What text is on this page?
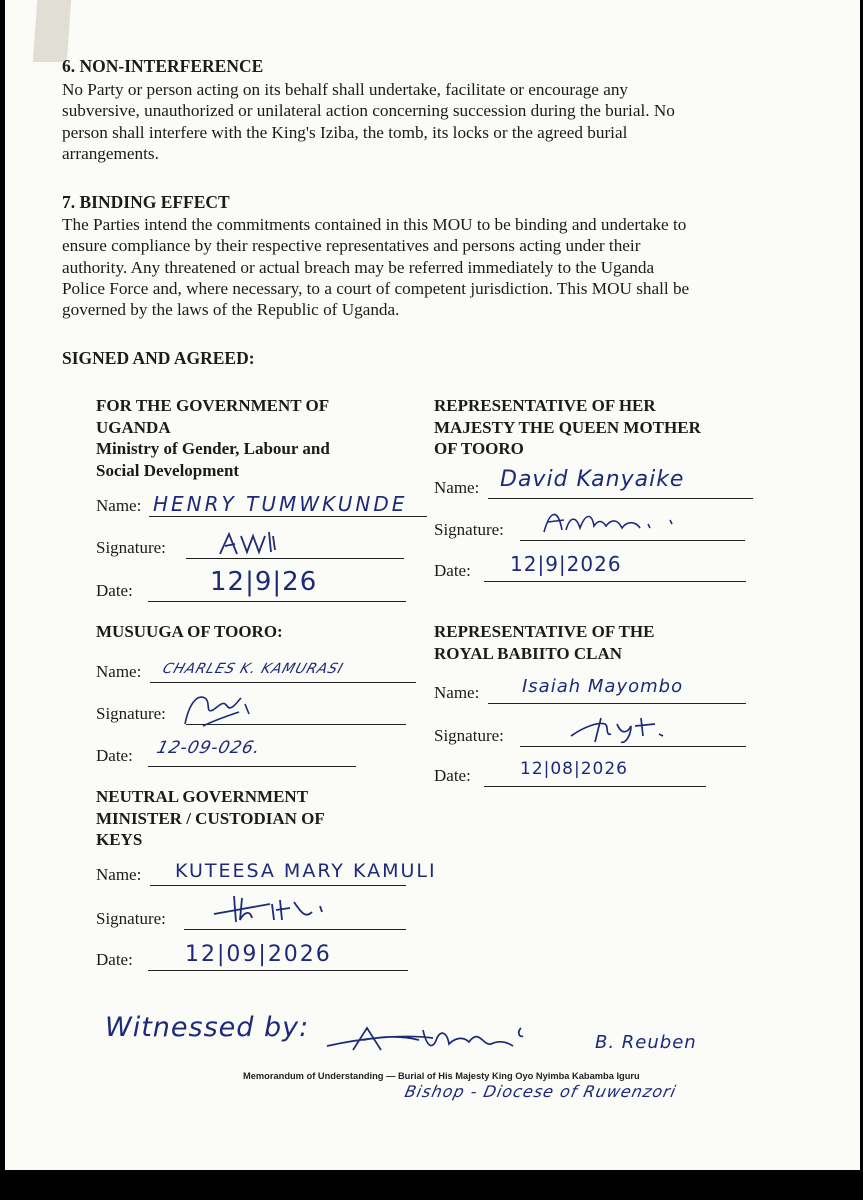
6. NON-INTERFERENCE
No Party or person acting on its behalf shall undertake, facilitate or encourage any
subversive, unauthorized or unilateral action concerning succession during the burial. No
person shall interfere with the King's Iziba, the tomb, its locks or the agreed burial
arrangements.
7. BINDING EFFECT
The Parties intend the commitments contained in this MOU to be binding and undertake to
ensure compliance by their respective representatives and persons acting under their
authority. Any threatened or actual breach may be referred immediately to the Uganda
Police Force and, where necessary, to a court of competent jurisdiction. This MOU shall be
governed by the laws of the Republic of Uganda.
SIGNED AND AGREED:
FOR THE GOVERNMENT OF
UGANDA
Ministry of Gender, Labour and
Social Development
Name: HENRY TUMWKUNDE
Signature:
Date:	12|9|26
REPRESENTATIVE OF HER
MAJESTY THE QUEEN MOTHER
OF TOORO
Name: David Kanyaike
Signature:
Date: 12|9|2026
MUSUUGA OF TOORO:
Name: CHARLES K. KAMURASI
Signature:
Date: 12-09-026.
REPRESENTATIVE OF THE
ROYAL BABIITO CLAN
Name: Isaiah Mayombo
Signature:
Date:	12|08|2026
NEUTRAL GOVERNMENT
MINISTER / CUSTODIAN OF
KEYS
Name: KUTEESA MARY KAMULI
Signature:
Date: 12|09|2026
Witnessed by:	B. Reuben
Memorandum of Understanding — Burial of His Majesty King Oyo Nyimba Kabamba Iguru
Bishop - Diocese of Ruwenzori
